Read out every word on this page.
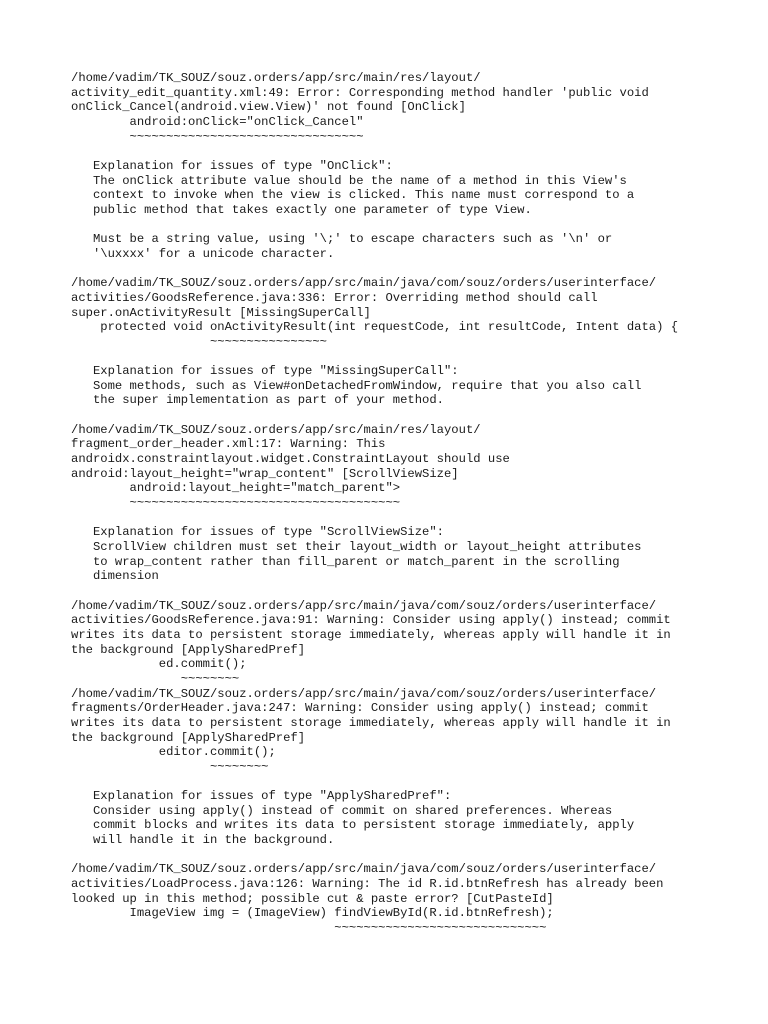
/home/vadim/TK_SOUZ/souz.orders/app/src/main/res/layout/
activity_edit_quantity.xml:49: Error: Corresponding method handler 'public void
onClick_Cancel(android.view.View)' not found [OnClick]
android:onClick="onClick_Cancel"
~~~~~~~~~~~~~~~~~~~~~~~~~~~~~~~~
Explanation for issues of type "OnClick":
The onClick attribute value should be the name of a method in this View's
context to invoke when the view is clicked. This name must correspond to a
public method that takes exactly one parameter of type View.
Must be a string value, using '\;' to escape characters such as '\n' or
'\uxxxx' for a unicode character.
/home/vadim/TK_SOUZ/souz.orders/app/src/main/java/com/souz/orders/userinterface/
activities/GoodsReference.java:336: Error: Overriding method should call
super.onActivityResult [MissingSuperCall]
protected void onActivityResult(int requestCode, int resultCode, Intent data) {
~~~~~~~~~~~~~~~~
Explanation for issues of type "MissingSuperCall":
Some methods, such as View#onDetachedFromWindow, require that you also call
the super implementation as part of your method.
/home/vadim/TK_SOUZ/souz.orders/app/src/main/res/layout/
fragment_order_header.xml:17: Warning: This
androidx.constraintlayout.widget.ConstraintLayout should use
android:layout_height="wrap_content" [ScrollViewSize]
android:layout_height="match_parent">
~~~~~~~~~~~~~~~~~~~~~~~~~~~~~~~~~~~~~
Explanation for issues of type "ScrollViewSize":
ScrollView children must set their layout_width or layout_height attributes
to wrap_content rather than fill_parent or match_parent in the scrolling
dimension
/home/vadim/TK_SOUZ/souz.orders/app/src/main/java/com/souz/orders/userinterface/
activities/GoodsReference.java:91: Warning: Consider using apply() instead; commit
writes its data to persistent storage immediately, whereas apply will handle it in
the background [ApplySharedPref]
ed.commit();
~~~~~~~~
/home/vadim/TK_SOUZ/souz.orders/app/src/main/java/com/souz/orders/userinterface/
fragments/OrderHeader.java:247: Warning: Consider using apply() instead; commit
writes its data to persistent storage immediately, whereas apply will handle it in
the background [ApplySharedPref]
editor.commit();
~~~~~~~~
Explanation for issues of type "ApplySharedPref":
Consider using apply() instead of commit on shared preferences. Whereas
commit blocks and writes its data to persistent storage immediately, apply
will handle it in the background.
/home/vadim/TK_SOUZ/souz.orders/app/src/main/java/com/souz/orders/userinterface/
activities/LoadProcess.java:126: Warning: The id R.id.btnRefresh has already been
looked up in this method; possible cut & paste error? [CutPasteId]
ImageView img = (ImageView) findViewById(R.id.btnRefresh);
~~~~~~~~~~~~~~~~~~~~~~~~~~~~~
